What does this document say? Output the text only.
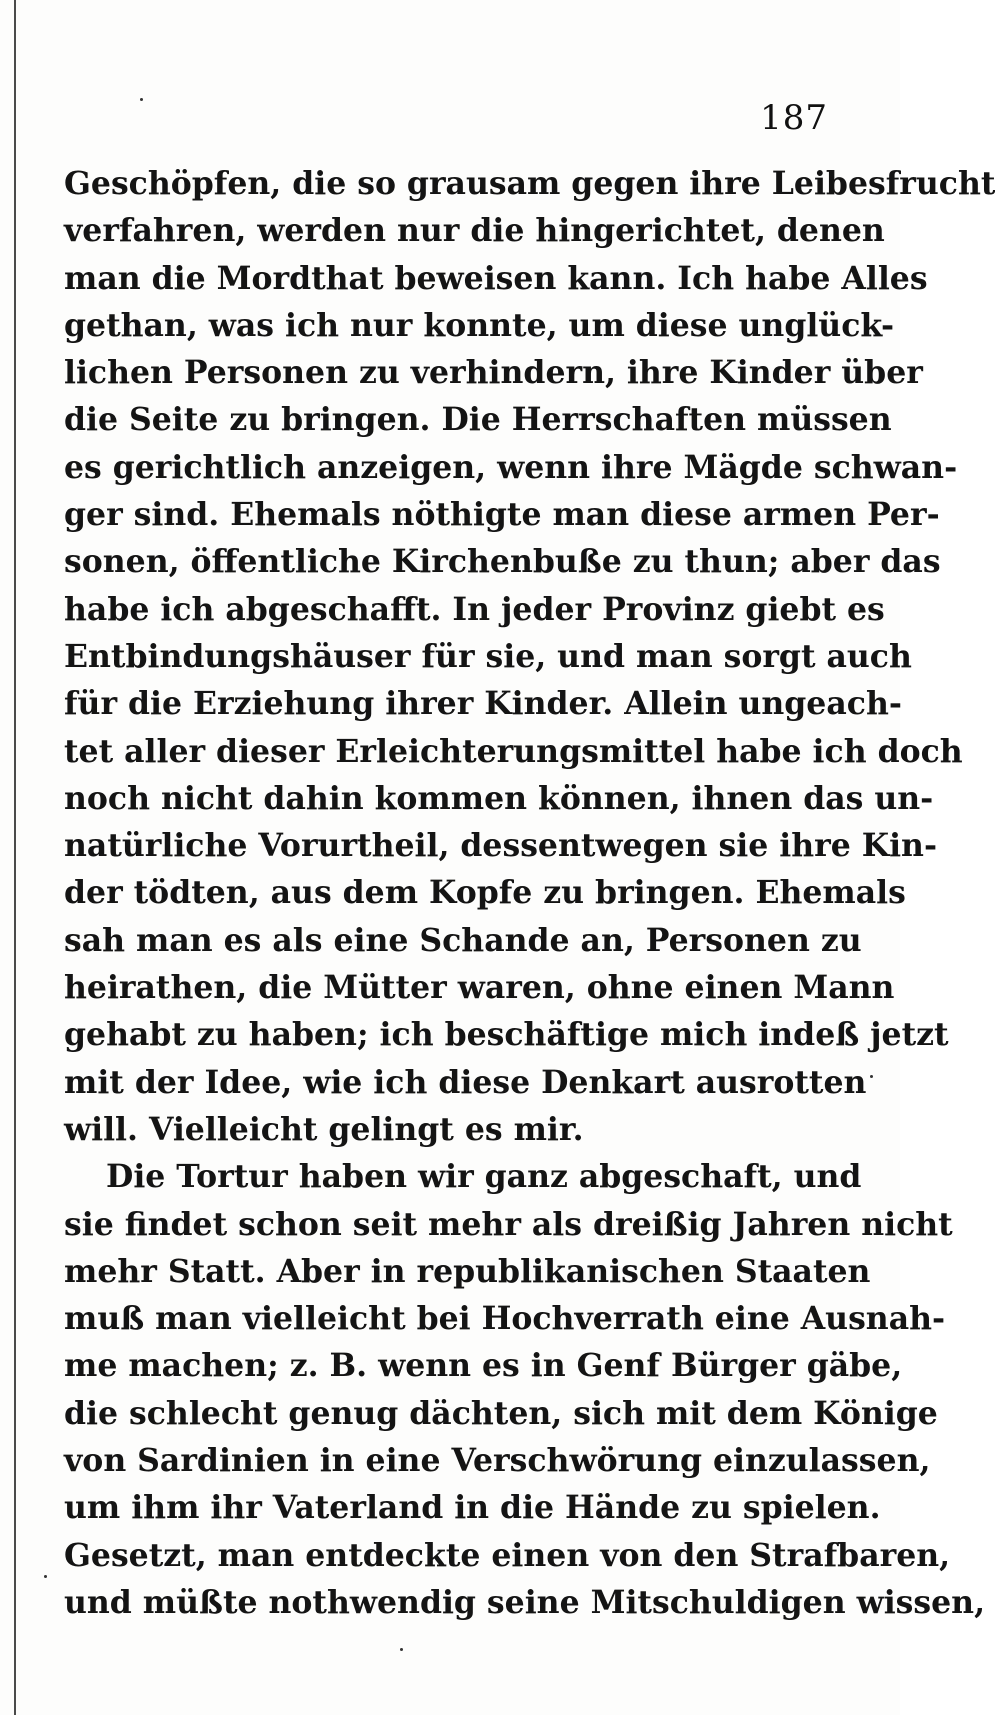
187
Geschöpfen, die so grausam gegen ihre Leibesfrucht
verfahren, werden nur die hingerichtet, denen
man die Mordthat beweisen kann. Ich habe Alles
gethan, was ich nur konnte, um diese unglück-
lichen Personen zu verhindern, ihre Kinder über
die Seite zu bringen. Die Herrschaften müssen
es gerichtlich anzeigen, wenn ihre Mägde schwan-
ger sind. Ehemals nöthigte man diese armen Per-
sonen, öffentliche Kirchenbuße zu thun; aber das
habe ich abgeschafft. In jeder Provinz giebt es
Entbindungshäuser für sie, und man sorgt auch
für die Erziehung ihrer Kinder. Allein ungeach-
tet aller dieser Erleichterungsmittel habe ich doch
noch nicht dahin kommen können, ihnen das un-
natürliche Vorurtheil, dessentwegen sie ihre Kin-
der tödten, aus dem Kopfe zu bringen. Ehemals
sah man es als eine Schande an, Personen zu
heirathen, die Mütter waren, ohne einen Mann
gehabt zu haben; ich beschäftige mich indeß jetzt
mit der Idee, wie ich diese Denkart ausrotten
will. Vielleicht gelingt es mir.
Die Tortur haben wir ganz abgeschaft, und
sie findet schon seit mehr als dreißig Jahren nicht
mehr Statt. Aber in republikanischen Staaten
muß man vielleicht bei Hochverrath eine Ausnah-
me machen; z. B. wenn es in Genf Bürger gäbe,
die schlecht genug dächten, sich mit dem Könige
von Sardinien in eine Verschwörung einzulassen,
um ihm ihr Vaterland in die Hände zu spielen.
Gesetzt, man entdeckte einen von den Strafbaren,
und müßte nothwendig seine Mitschuldigen wissen,
